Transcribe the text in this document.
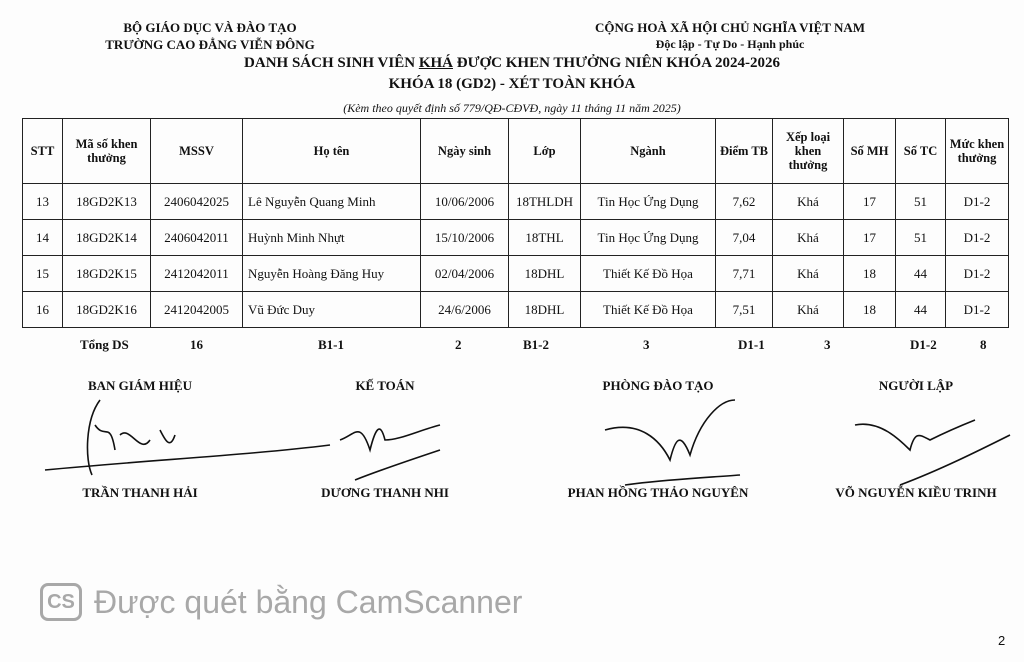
BỘ GIÁO DỤC VÀ ĐÀO TẠO
TRƯỜNG CAO ĐẲNG VIỄN ĐÔNG
CỘNG HOÀ XÃ HỘI CHỦ NGHĨA VIỆT NAM
Độc lập - Tự Do - Hạnh phúc
DANH SÁCH SINH VIÊN KHÁ ĐƯỢC KHEN THƯỞNG NIÊN KHÓA 2024-2026
KHÓA 18 (GD2) - XÉT TOÀN KHÓA
(Kèm theo quyết định số 779/QĐ-CĐVĐ, ngày 11 tháng 11 năm 2025)
STT	Mã số khen thưởng	MSSV	Họ tên	Ngày sinh	Lớp	Ngành	Điểm TB	Xếp loại khen thưởng	Số MH	Số TC	Mức khen thưởng
13	18GD2K13	2406042025	Lê Nguyễn Quang Minh	10/06/2006	18THLDH	Tin Học Ứng Dụng	7,62	Khá	17	51	D1-2
14	18GD2K14	2406042011	Huỳnh Minh Nhựt	15/10/2006	18THL	Tin Học Ứng Dụng	7,04	Khá	17	51	D1-2
15	18GD2K15	2412042011	Nguyễn Hoàng Đăng Huy	02/04/2006	18DHL	Thiết Kế Đồ Họa	7,71	Khá	18	44	D1-2
16	18GD2K16	2412042005	Vũ Đức Duy	24/6/2006	18DHL	Thiết Kế Đồ Họa	7,51	Khá	18	44	D1-2
Tổng DS	16	B1-1	2	B1-2	3	D1-1	3	D1-2	8
BAN GIÁM HIỆU	KẾ TOÁN	PHÒNG ĐÀO TẠO	NGƯỜI LẬP
TRẦN THANH HẢI	DƯƠNG THANH NHI	PHAN HỒNG THẢO NGUYÊN	VÕ NGUYỄN KIỀU TRINH
CS Được quét bằng CamScanner
2
